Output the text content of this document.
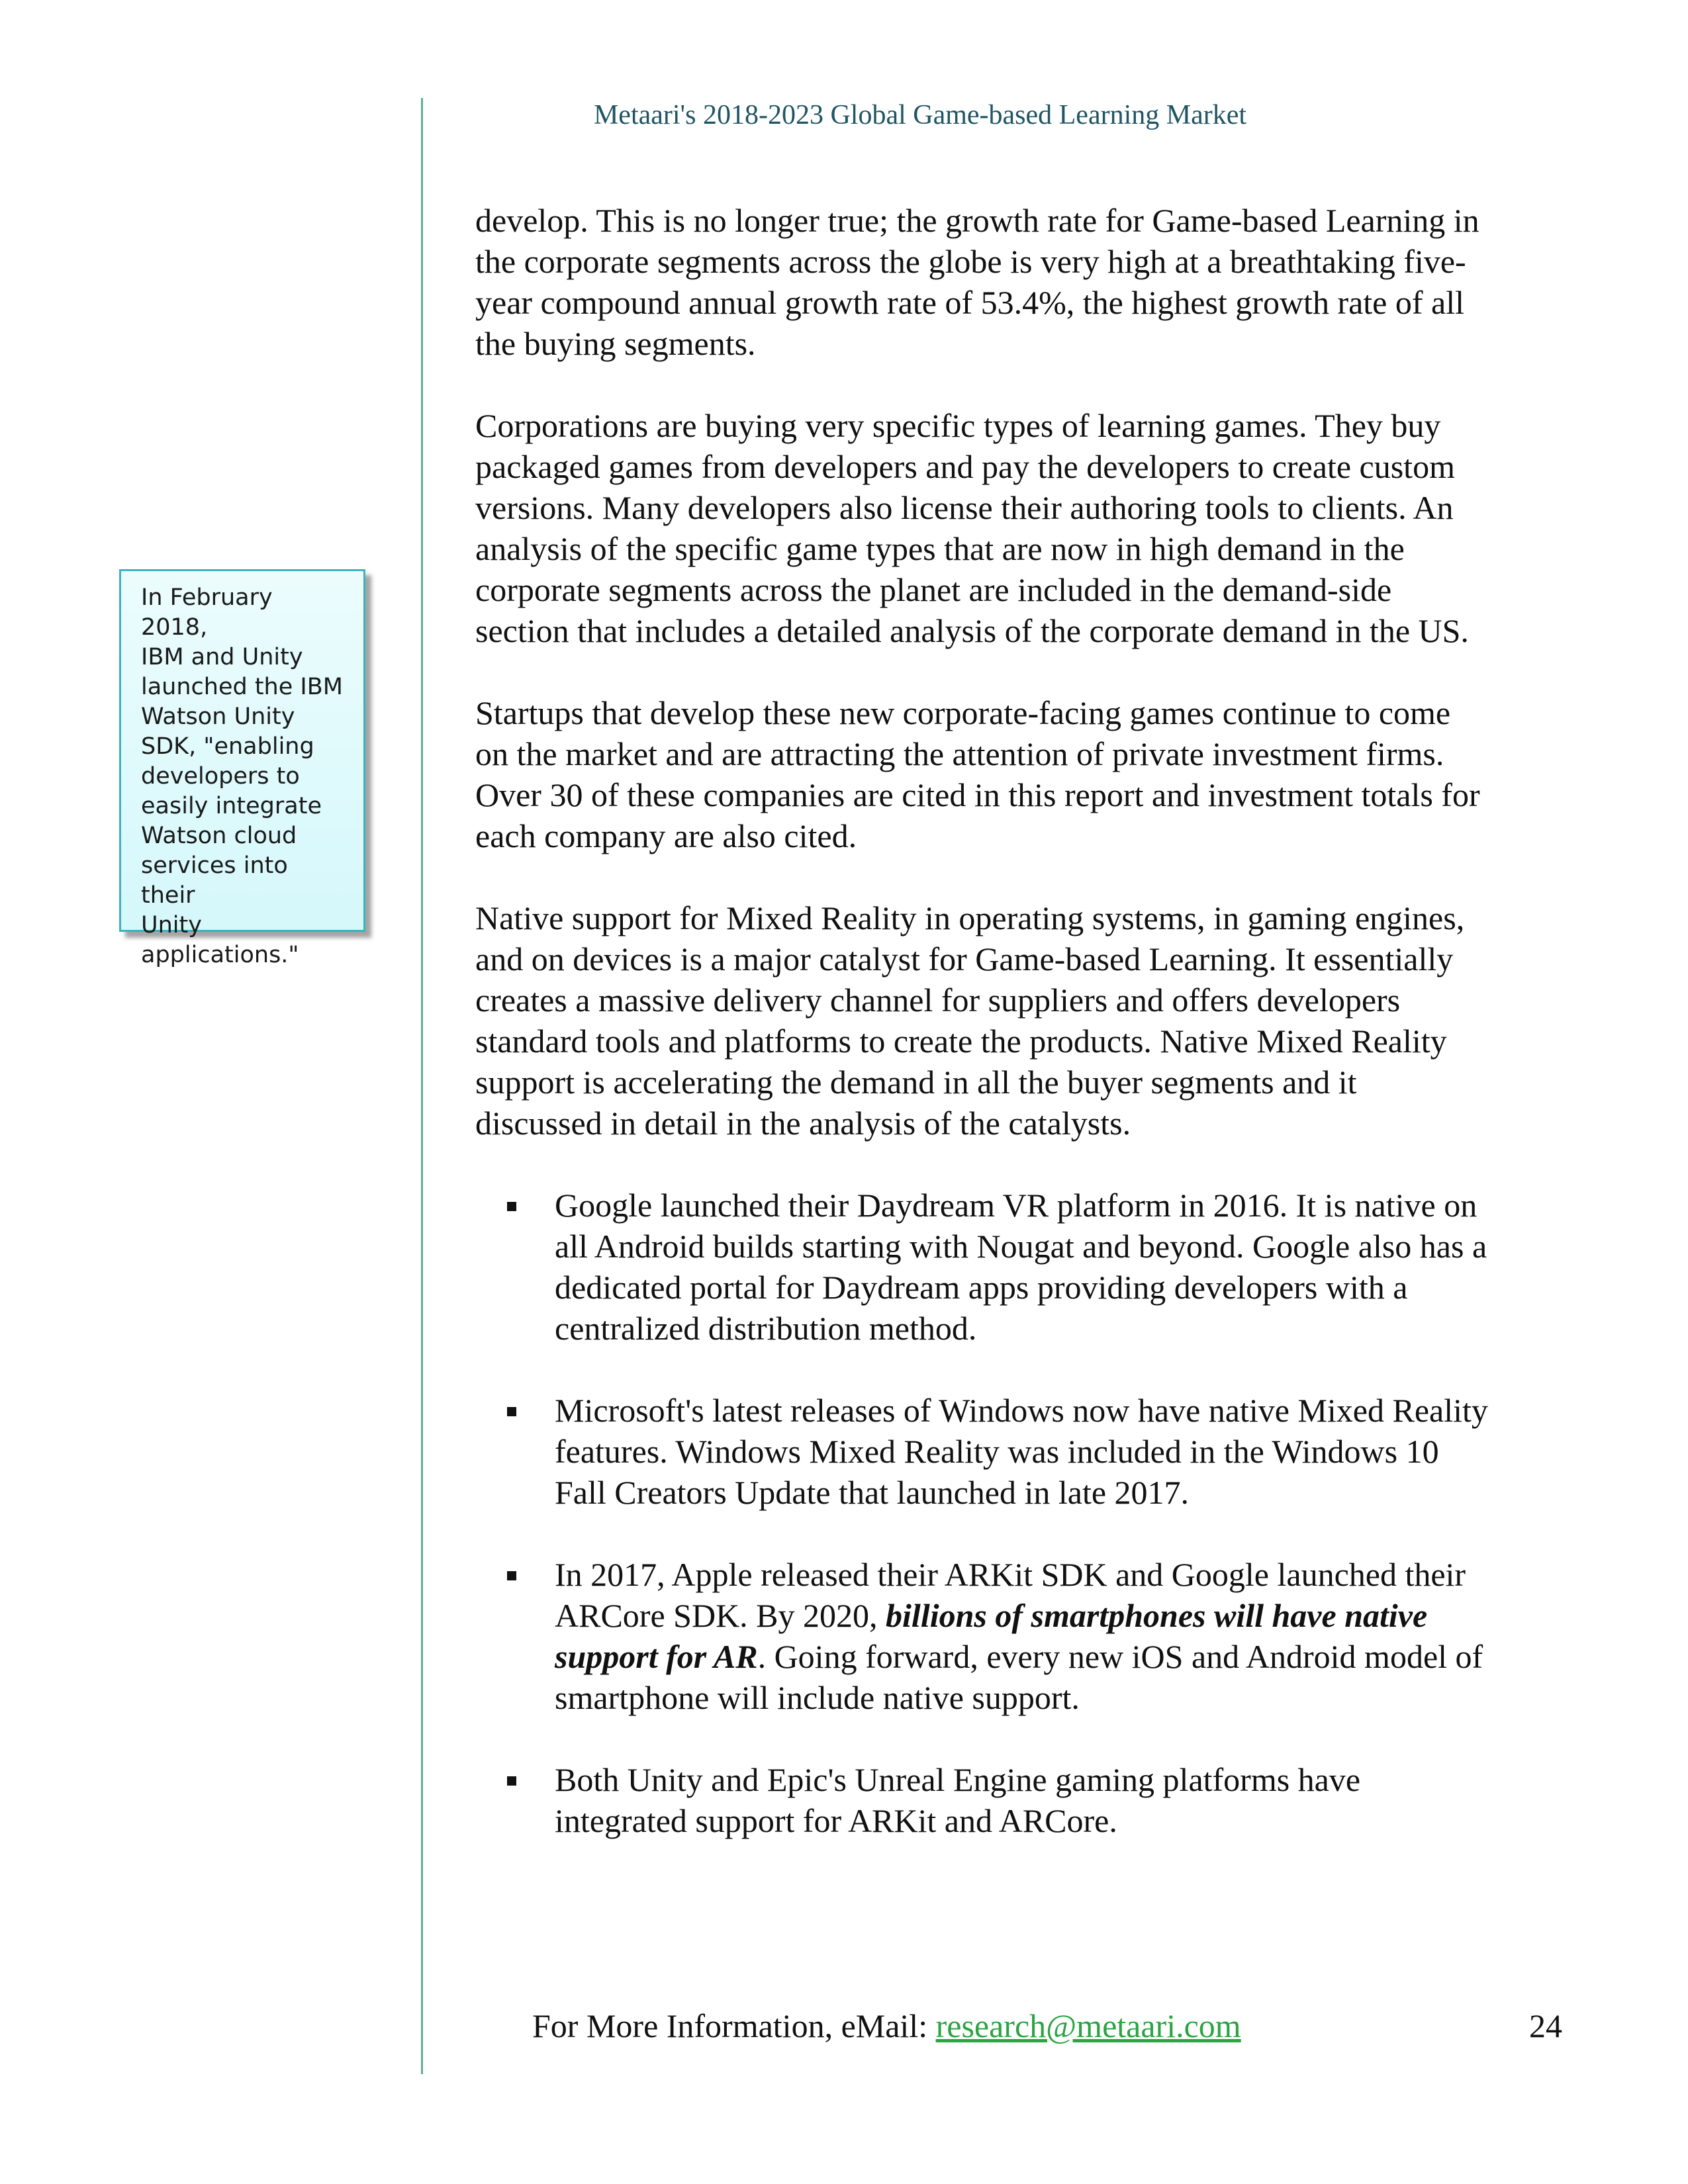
Metaari's 2018-2023 Global Game-based Learning Market
In February 2018,
IBM and Unity
launched the IBM
Watson Unity
SDK, "enabling
developers to
easily integrate
Watson cloud
services into their
Unity
applications."

develop. This is no longer true; the growth rate for Game-based Learning in
the corporate segments across the globe is very high at a breathtaking five-
year compound annual growth rate of 53.4%, the highest growth rate of all
the buying segments.

Corporations are buying very specific types of learning games. They buy
packaged games from developers and pay the developers to create custom
versions. Many developers also license their authoring tools to clients. An
analysis of the specific game types that are now in high demand in the
corporate segments across the planet are included in the demand-side
section that includes a detailed analysis of the corporate demand in the US.

Startups that develop these new corporate-facing games continue to come
on the market and are attracting the attention of private investment firms.
Over 30 of these companies are cited in this report and investment totals for
each company are also cited.

Native support for Mixed Reality in operating systems, in gaming engines,
and on devices is a major catalyst for Game-based Learning. It essentially
creates a massive delivery channel for suppliers and offers developers
standard tools and platforms to create the products. Native Mixed Reality
support is accelerating the demand in all the buyer segments and it
discussed in detail in the analysis of the catalysts.

Google launched their Daydream VR platform in 2016. It is native on
all Android builds starting with Nougat and beyond. Google also has a
dedicated portal for Daydream apps providing developers with a
centralized distribution method.
Microsoft's latest releases of Windows now have native Mixed Reality
features. Windows Mixed Reality was included in the Windows 10
Fall Creators Update that launched in late 2017.
In 2017, Apple released their ARKit SDK and Google launched their
ARCore SDK. By 2020, billions of smartphones will have native
support for AR. Going forward, every new iOS and Android model of
smartphone will include native support.
Both Unity and Epic's Unreal Engine gaming platforms have
integrated support for ARKit and ARCore.
For More Information, eMail: research@metaari.com	24
